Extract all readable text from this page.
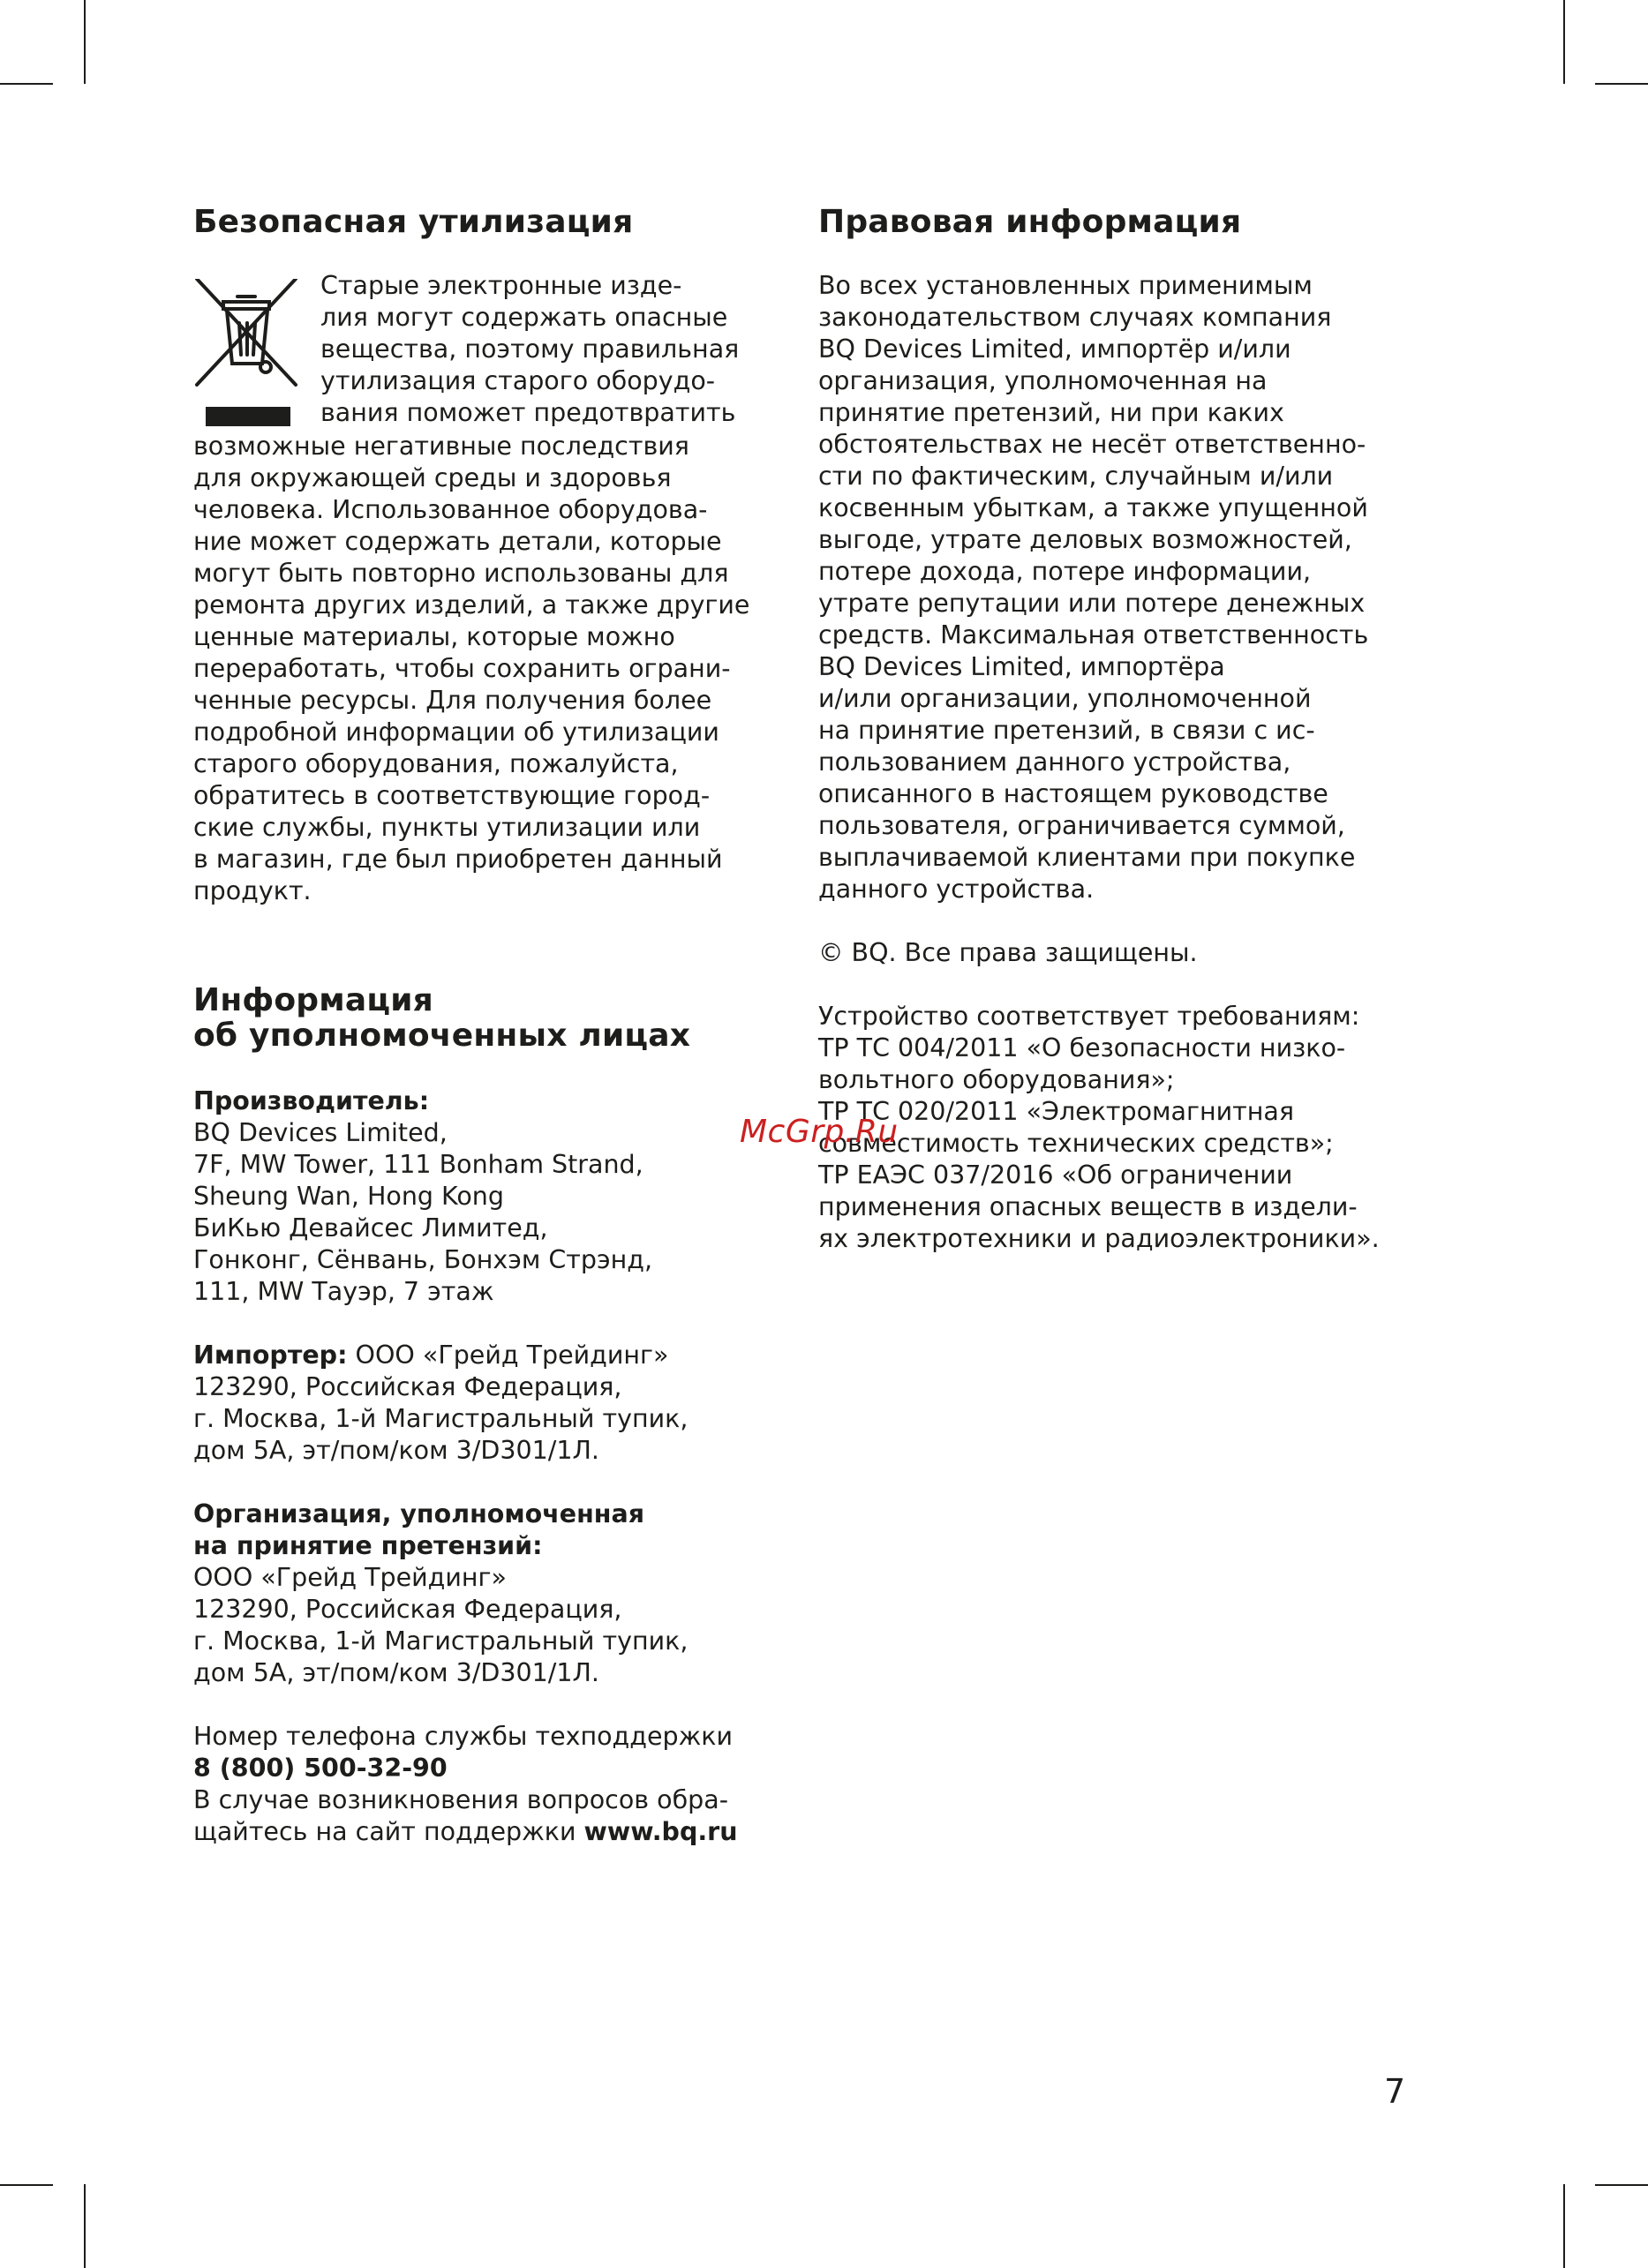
Безопасная утилизация
Старые электронные изде-
лия могут содержать опасные
вещества, поэтому правильная
утилизация старого оборудо-
вания поможет предотвратить
возможные негативные последствия
для окружающей среды и здоровья
человека. Использованное оборудова-
ние может содержать детали, которые
могут быть повторно использованы для
ремонта других изделий, а также другие
ценные материалы, которые можно
переработать, чтобы сохранить ограни-
ченные ресурсы. Для получения более
подробной информации об утилизации
старого оборудования, пожалуйста,
обратитесь в соответствующие город-
ские службы, пункты утилизации или
в магазин, где был приобретен данный
продукт.
Информация
об уполномоченных лицах
Производитель:
BQ Devices Limited,
7F, MW Tower, 111 Bonham Strand,
Sheung Wan, Hong Kong
БиКью Девайсес Лимитед,
Гонконг, Сёнвань, Бонхэм Стрэнд,
111, MW Тауэр, 7 этаж
Импортер: ООО «Грейд Трейдинг»
123290, Российская Федерация,
г. Москва, 1-й Магистральный тупик,
дом 5А, эт/пом/ком 3/D301/1Л.
Организация, уполномоченная
на принятие претензий:
ООО «Грейд Трейдинг»
123290, Российская Федерация,
г. Москва, 1-й Магистральный тупик,
дом 5А, эт/пом/ком 3/D301/1Л.
Номер телефона службы техподдержки
8 (800) 500-32-90
В случае возникновения вопросов обра-
щайтесь на сайт поддержки www.bq.ru
Правовая информация
Во всех установленных применимым
законодательством случаях компания
BQ Devices Limited, импортёр и/или
организация, уполномоченная на
принятие претензий, ни при каких
обстоятельствах не несёт ответственно-
сти по фактическим, случайным и/или
косвенным убыткам, а также упущенной
выгоде, утрате деловых возможностей,
потере дохода, потере информации,
утрате репутации или потере денежных
средств. Максимальная ответственность
BQ Devices Limited, импортёра
и/или организации, уполномоченной
на принятие претензий, в связи с ис-
пользованием данного устройства,
описанного в настоящем руководстве
пользователя, ограничивается суммой,
выплачиваемой клиентами при покупке
данного устройства.
© BQ. Все права защищены.
Устройство соответствует требованиям:
ТР ТС 004/2011 «О безопасности низко-
вольтного оборудования»;
ТР ТС 020/2011 «Электромагнитная
совместимость технических средств»;
ТР ЕАЭС 037/2016 «Об ограничении
применения опасных веществ в издели-
ях электротехники и радиоэлектроники».
McGrp.Ru
7
